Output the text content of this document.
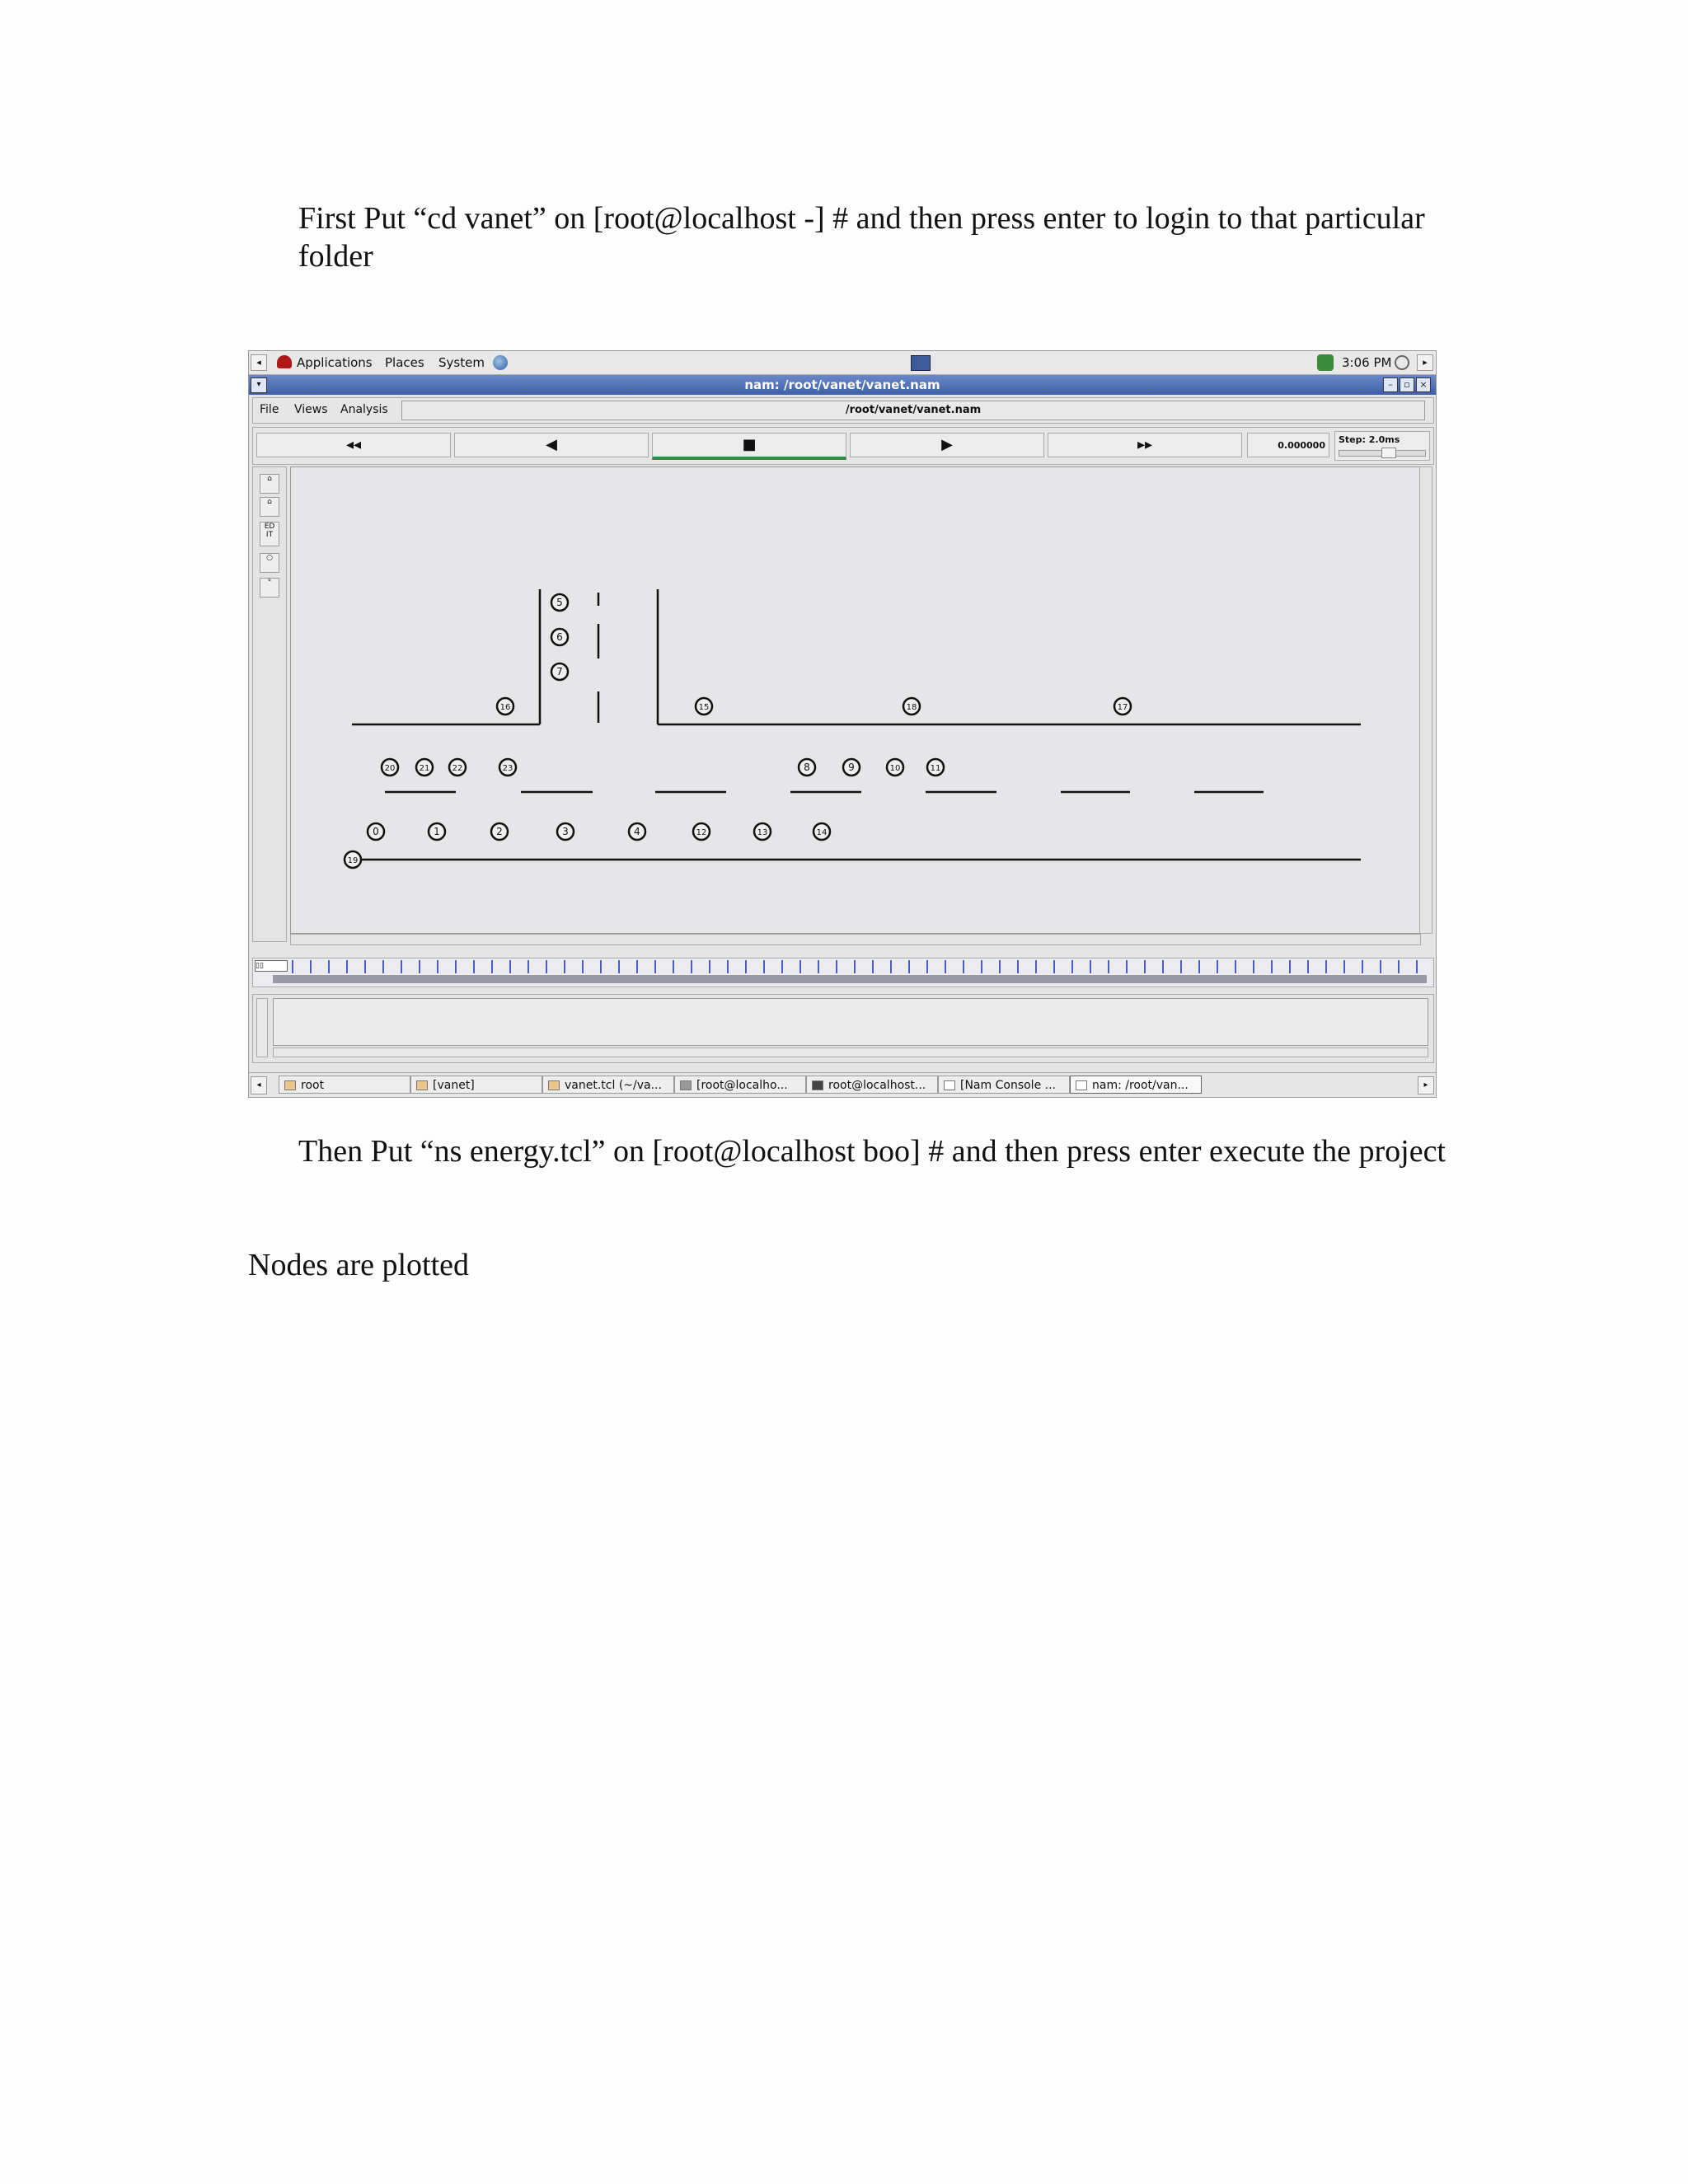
First Put “cd vanet” on [root@localhost -] # and then press enter to login to that particular folder
◂	Applications Places System	3:06 PM	▸
▾	nam: /root/vanet/vanet.nam	–	▫	×
File Views Analysis	/root/vanet/vanet.nam
◂◂	◀	■	▶	▸▸	0.000000
Step: 2.0ms
⌂
⌂
ED IT
○
°
0	1	2	3	4
5
6
7
8	9	10	11
12	13	14
15
16	17
18
19
20	21	22	23
▯▯
◂	root	[vanet]	vanet.tcl (~/va...	[root@localho...	root@localhost...	[Nam Console ...	nam: /root/van...	▸
Then Put “ns energy.tcl” on [root@localhost boo] # and then press enter execute the project
Nodes are plotted
